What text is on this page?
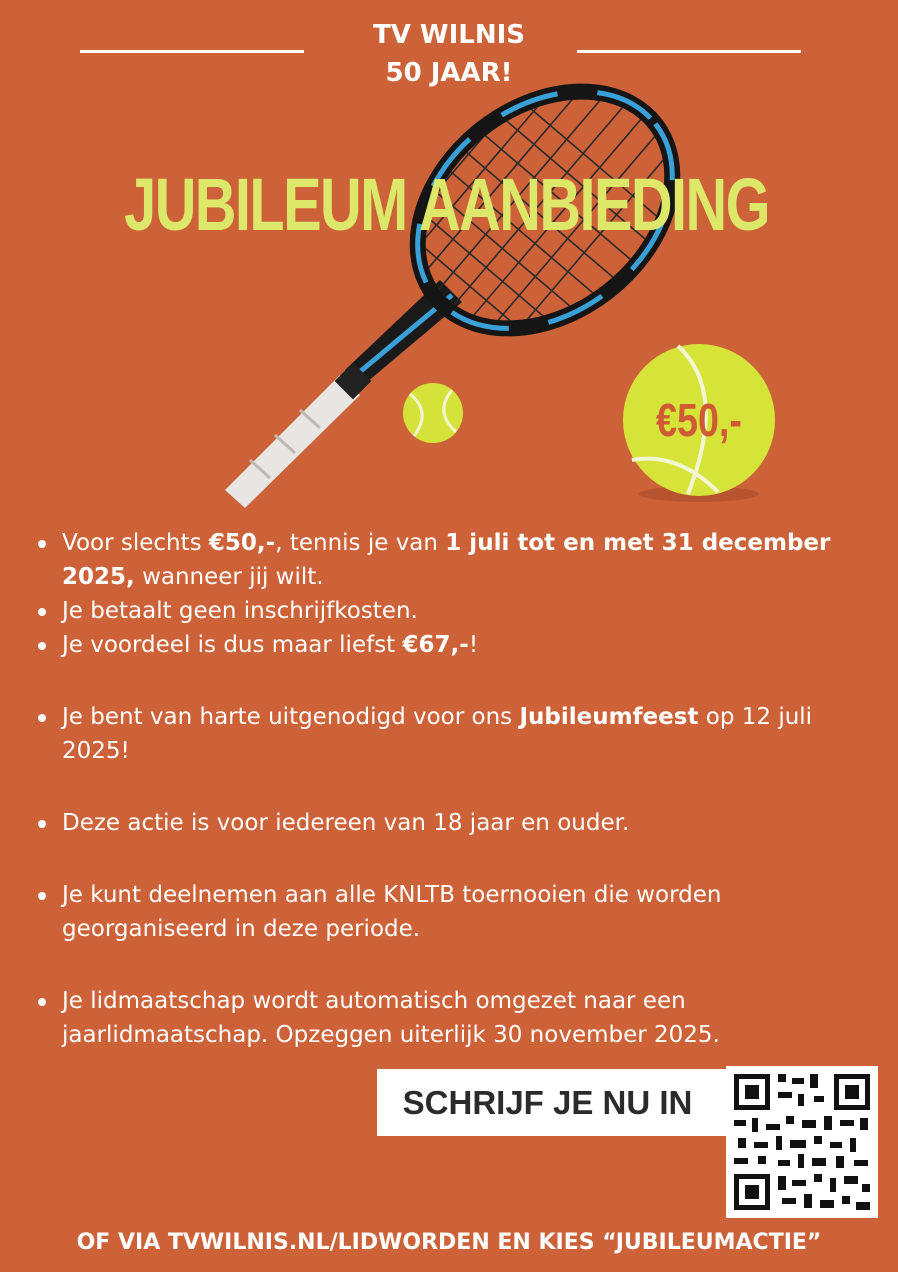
TV WILNIS
50 JAAR!
JUBILEUM AANBIEDING
€50,-
Voor slechts €50,-, tennis je van 1 juli tot en met 31 december 2025, wanneer jij wilt.
Je betaalt geen inschrijfkosten.
Je voordeel is dus maar liefst €67,-!
Je bent van harte uitgenodigd voor ons Jubileumfeest op 12 juli 2025!
Deze actie is voor iedereen van 18 jaar en ouder.
Je kunt deelnemen aan alle KNLTB toernooien die worden georganiseerd in deze periode.
Je lidmaatschap wordt automatisch omgezet naar een jaarlidmaatschap. Opzeggen uiterlijk 30 november 2025.
SCHRIJF JE NU IN
OF VIA TVWILNIS.NL/LIDWORDEN EN KIES “JUBILEUMACTIE”
